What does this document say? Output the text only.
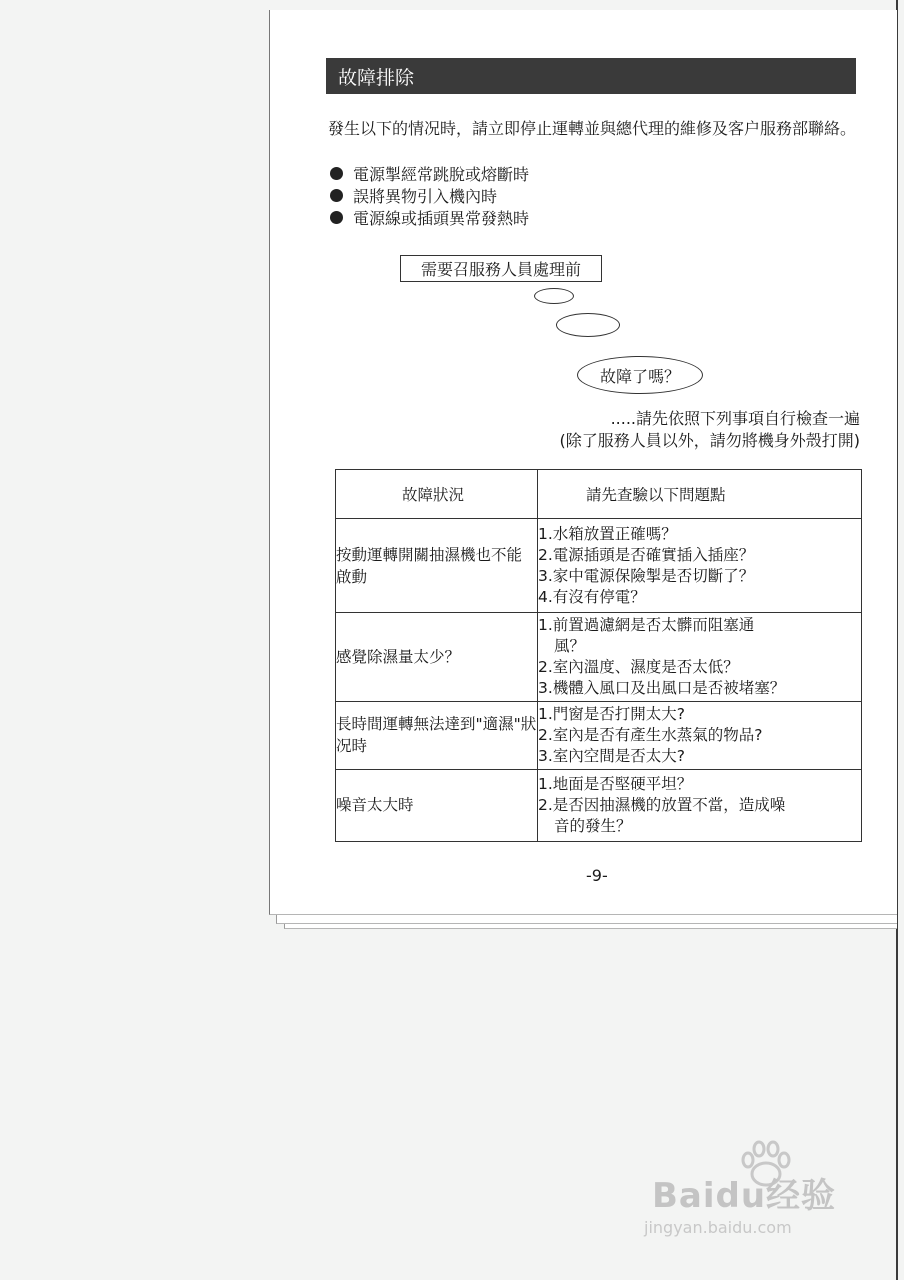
故障排除
發生以下的情况時，請立即停止運轉並與總代理的維修及客户服務部聯絡。
電源掣經常跳脫或熔斷時
誤將異物引入機內時
電源線或插頭異常發熱時
需要召服務人員處理前
故障了嗎？
.....請先依照下列事項自行檢查一遍
(除了服務人員以外，請勿將機身外殼打開)
故障狀況	請先查驗以下問題點
按動運轉開關抽濕機也不能啟動	1.水箱放置正確嗎？
2.電源插頭是否確實插入插座？
3.家中電源保險掣是否切斷了？
4.有沒有停電？

感覺除濕量太少？	1.前置過濾網是否太髒而阻塞通
風？
2.室內溫度、濕度是否太低？
3.機體入風口及出風口是否被堵塞？

長時間運轉無法達到"適濕"狀况時	1.門窗是否打開太大?
2.室內是否有產生水蒸氣的物品?
3.室內空間是否太大?

噪音太大時	1.地面是否堅硬平坦？
2.是否因抽濕機的放置不當，造成噪
音的發生？
-9-
Baidu经验
jingyan.baidu.com
